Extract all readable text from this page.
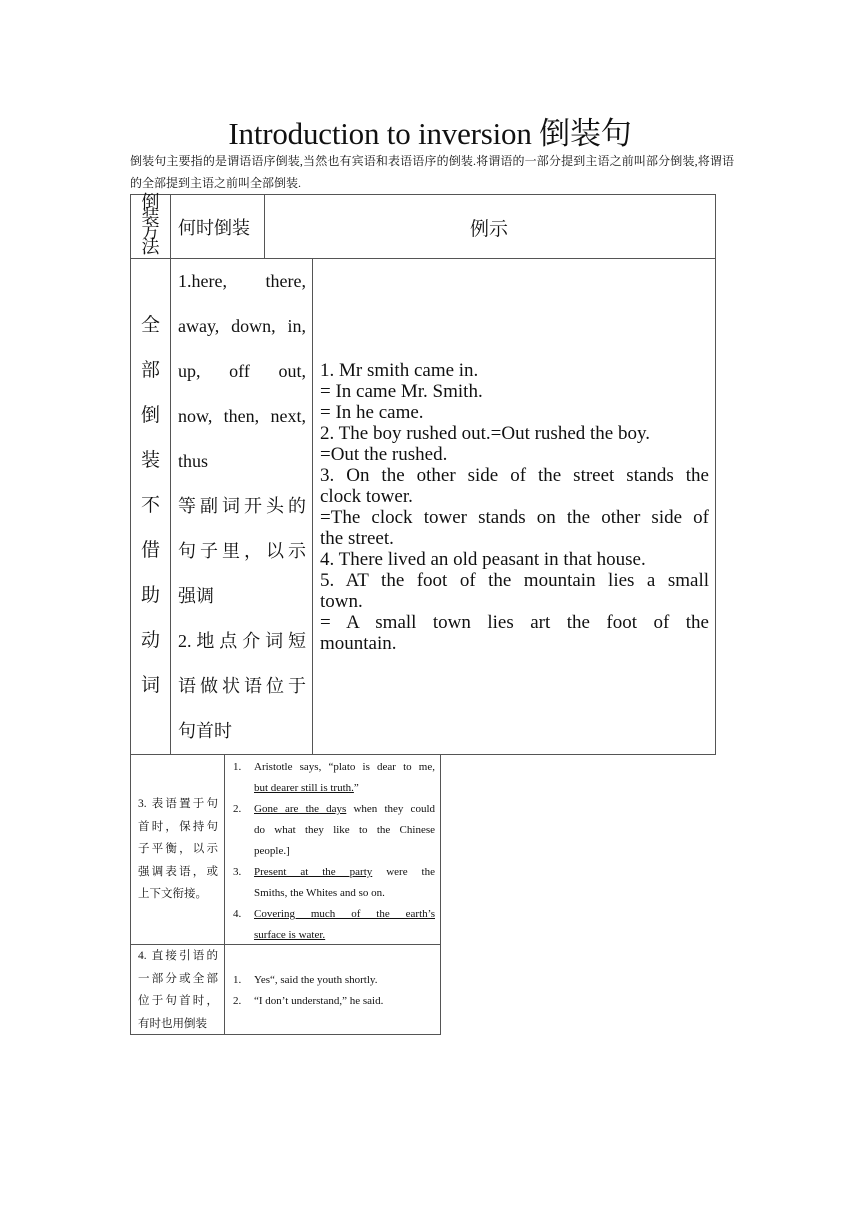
Introduction to inversion 倒装句
倒装句主要指的是谓语语序倒装,当然也有宾语和表语语序的倒装.将谓语的一部分提到主语之前叫部分倒装,将谓语的全部提到主语之前叫全部倒装.
倒
装
方
法
何时倒装	例示
全
部
倒
装
不
借
助
动
词
1.here, there,
away, down, in,
up, off out,
now, then, next,
thus
等副词开头的
句子里，以示
强调
2.地点介词短
语做状语位于
句首时
1. Mr smith came in.
= In came Mr. Smith.
= In he came.
2. The boy rushed out.=Out rushed the boy.
=Out the rushed.
3. On the other side of the street stands the
clock tower.
=The clock tower stands on the other side of
the street.
4. There lived an old peasant in that house.
5. AT the foot of the mountain lies a small
town.
= A small town lies art the foot of the
mountain.
3. 表语置于句
首时，保持句
子平衡，以示
强调表语，或
上下文衔接。
1. Aristotle says, “plato is dear to me,
but dearer still is truth.”
2. Gone are the days when they could
do what they like to the Chinese
people.]
3. Present at the party were the
Smiths, the Whites and so on.
4. Covering much of the earth’s
surface is water.
4. 直接引语的
一部分或全部
位于句首时，
有时也用倒装
1. Yes“, said the youth shortly.
2. “I don’t understand,” he said.
